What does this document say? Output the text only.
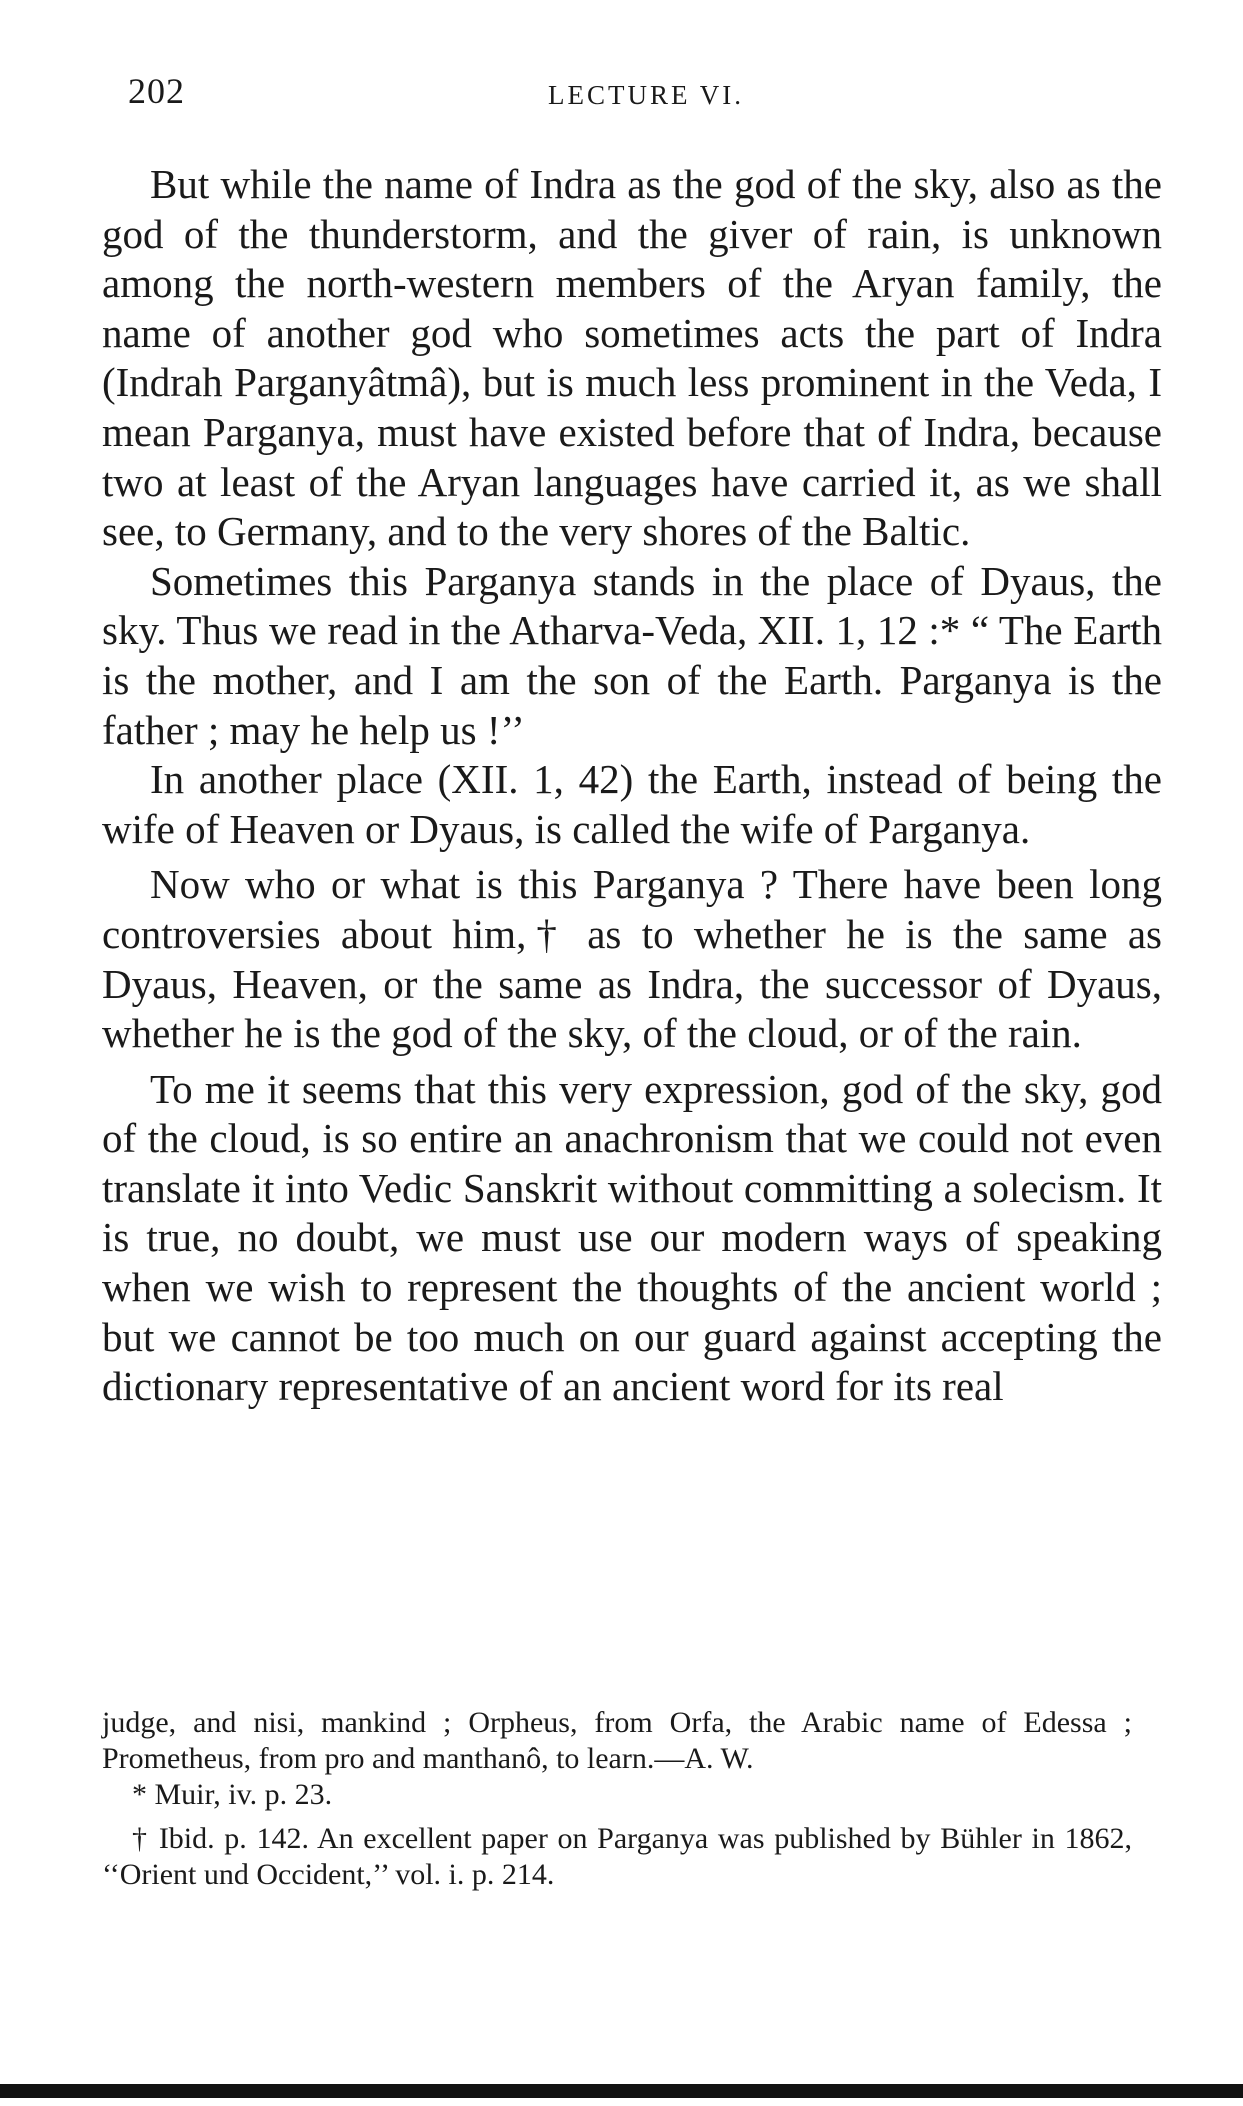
202	LECTURE VI.

But while the name of Indra as the god of the sky, also as the god of the thunderstorm, and the giver of rain, is unknown among the north-western members of the Aryan family, the name of another god who sometimes acts the part of Indra (Indrah Parganyâtmâ), but is much less prominent in the Veda, I mean Parganya, must have existed before that of Indra, because two at least of the Aryan languages have carried it, as we shall see, to Germany, and to the very shores of the Baltic.

Sometimes this Parganya stands in the place of Dyaus, the sky. Thus we read in the Atharva-Veda, XII. 1, 12 :* “ The Earth is the mother, and I am the son of the Earth. Parganya is the father ; may he help us !’’

In another place (XII. 1, 42) the Earth, instead of being the wife of Heaven or Dyaus, is called the wife of Parganya.

Now who or what is this Parganya ? There have been long controversies about him,† as to whether he is the same as Dyaus, Heaven, or the same as Indra, the successor of Dyaus, whether he is the god of the sky, of the cloud, or of the rain.

To me it seems that this very expression, god of the sky, god of the cloud, is so entire an anachronism that we could not even translate it into Vedic Sanskrit without committing a solecism. It is true, no doubt, we must use our modern ways of speaking when we wish to represent the thoughts of the ancient world ; but we cannot be too much on our guard against accepting the dictionary representative of an ancient word for its real

judge, and nisi, mankind ; Orpheus, from Orfa, the Arabic name of Edessa ; Prometheus, from pro and manthanô, to learn.—A. W.

* Muir, iv. p. 23.

† Ibid. p. 142. An excellent paper on Parganya was published by Bühler in 1862, ‘‘Orient und Occident,’’ vol. i. p. 214.
